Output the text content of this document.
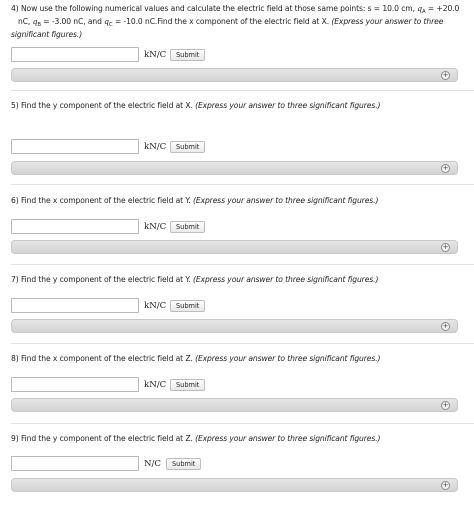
4) Now use the following numerical values and calculate the electric field at those same points: s = 10.0 cm, $q_A = +20.0$
nC, $q_B = -3.00$ nC, and $q_C = -10.0$ nC.Find the x component of the electric field at X. (Express your answer to three
significant figures.)
kN/C	Submit
+
5) Find the y component of the electric field at X. (Express your answer to three significant figures.)
kN/C	Submit
+
6) Find the x component of the electric field at Y. (Express your answer to three significant figures.)
kN/C	Submit
+
7) Find the y component of the electric field at Y. (Express your answer to three significant figures.)
kN/C	Submit
+
8) Find the x component of the electric field at Z. (Express your answer to three significant figures.)
kN/C	Submit
+
9) Find the y component of the electric field at Z. (Express your answer to three significant figures.)
N/C	Submit
+
